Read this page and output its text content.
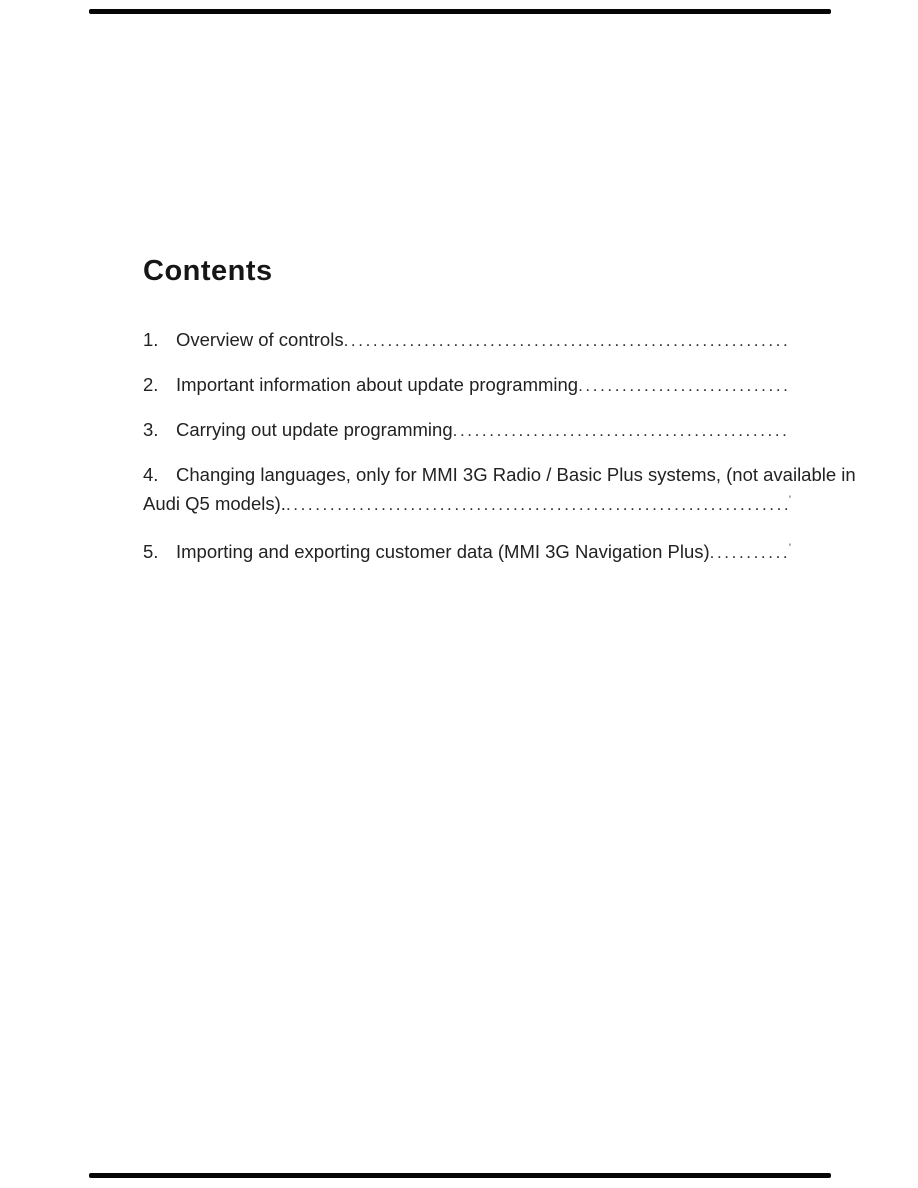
Contents
1. Overview of controls
.....
2. Important information about update programming
.....
3. Carrying out update programming
.....
4. Changing languages, only for MMI 3G Radio / Basic Plus systems, (not available in
Audi Q5 models). .....	'
5. Importing and exporting customer data (MMI 3G Navigation Plus) .....	'
